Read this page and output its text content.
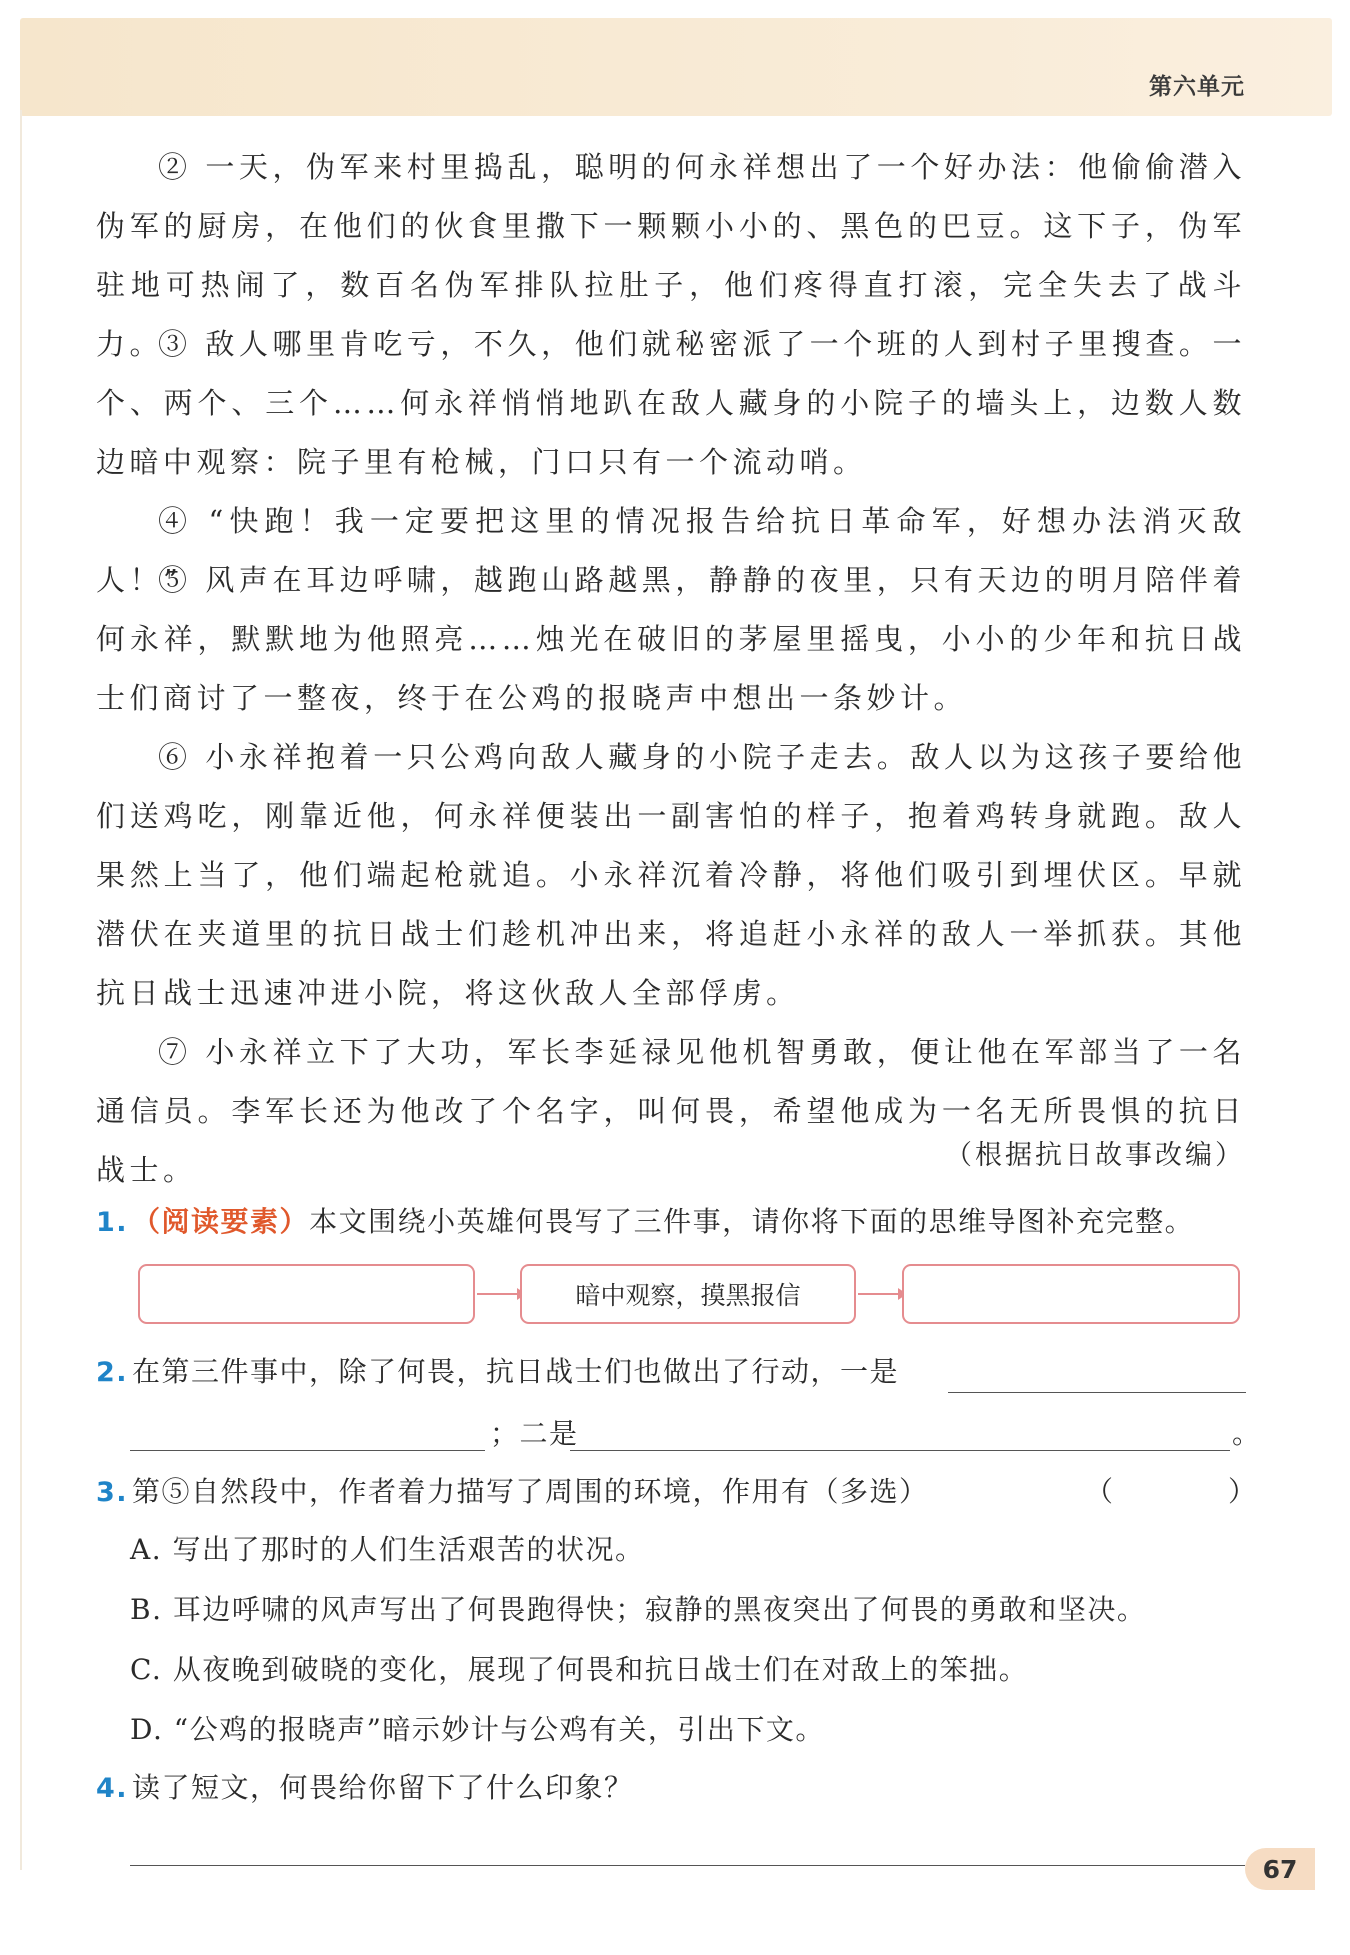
第六单元

② 一天，伪军来村里捣乱，聪明的何永祥想出了一个好办法：他偷偷潜入伪军的厨房，在他们的伙食里撒下一颗颗小小的、黑色的巴豆。这下子，伪军驻地可热闹了，数百名伪军排队拉肚子，他们疼得直打滚，完全失去了战斗力。

③ 敌人哪里肯吃亏，不久，他们就秘密派了一个班的人到村子里搜查。一个、两个、三个……何永祥悄悄地趴在敌人藏身的小院子的墙头上，边数人数边暗中观察：院子里有枪械，门口只有一个流动哨。

④ “快跑！我一定要把这里的情况报告给抗日革命军，好想办法消灭敌人！”

⑤ 风声在耳边呼啸，越跑山路越黑，静静的夜里，只有天边的明月陪伴着何永祥，默默地为他照亮……烛光在破旧的茅屋里摇曳，小小的少年和抗日战士们商讨了一整夜，终于在公鸡的报晓声中想出一条妙计。

⑥ 小永祥抱着一只公鸡向敌人藏身的小院子走去。敌人以为这孩子要给他们送鸡吃，刚靠近他，何永祥便装出一副害怕的样子，抱着鸡转身就跑。敌人果然上当了，他们端起枪就追。小永祥沉着冷静，将他们吸引到埋伏区。早就潜伏在夹道里的抗日战士们趁机冲出来，将追赶小永祥的敌人一举抓获。其他抗日战士迅速冲进小院，将这伙敌人全部俘虏。

⑦ 小永祥立下了大功，军长李延禄见他机智勇敢，便让他在军部当了一名通信员。李军长还为他改了个名字，叫何畏，希望他成为一名无所畏惧的抗日战士。	（根据抗日故事改编）
1. （阅读要素）本文围绕小英雄何畏写了三件事，请你将下面的思维导图补充完整。
暗中观察，摸黑报信
2. 在第三件事中，除了何畏，抗日战士们也做出了行动，一是
；二是	。
3. 第⑤自然段中，作者着力描写了周围的环境，作用有（多选）	（	）
A. 写出了那时的人们生活艰苦的状况。
B. 耳边呼啸的风声写出了何畏跑得快；寂静的黑夜突出了何畏的勇敢和坚决。
C. 从夜晚到破晓的变化，展现了何畏和抗日战士们在对敌上的笨拙。
D. “公鸡的报晓声”暗示妙计与公鸡有关，引出下文。
4. 读了短文，何畏给你留下了什么印象？
67
